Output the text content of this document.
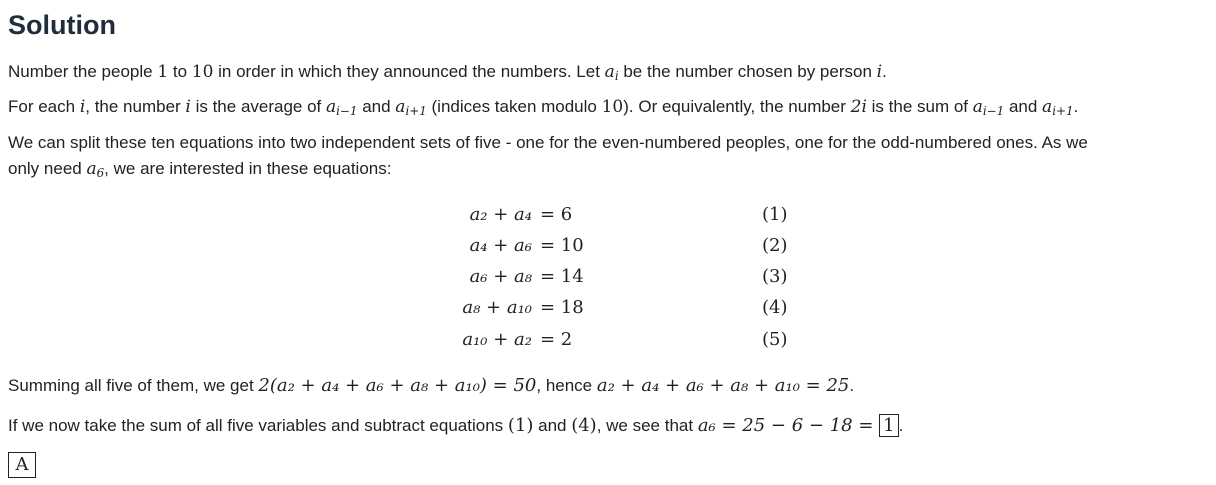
Solution
Number the people 1 to 10 in order in which they announced the numbers. Let $a_i$ be the number chosen by person i.
For each i, the number i is the average of $a_{i-1}$ and $a_{i+1}$ (indices taken modulo 10). Or equivalently, the number 2i is the sum of $a_{i-1}$ and $a_{i+1}$.
We can split these ten equations into two independent sets of five - one for the even-numbered peoples, one for the odd-numbered ones. As we
only need $a_6$, we are interested in these equations:
a₂ + a₄ = 6	(1)
a₄ + a₆ = 10	(2)
a₆ + a₈ = 14	(3)
a₈ + a₁₀ = 18	(4)
a₁₀ + a₂ = 2	(5)
Summing all five of them, we get 2(a₂ + a₄ + a₆ + a₈ + a₁₀) = 50, hence a₂ + a₄ + a₆ + a₈ + a₁₀ = 25.
If we now take the sum of all five variables and subtract equations (1) and (4), we see that a₆ = 25 − 6 − 18 = 1 .
A
